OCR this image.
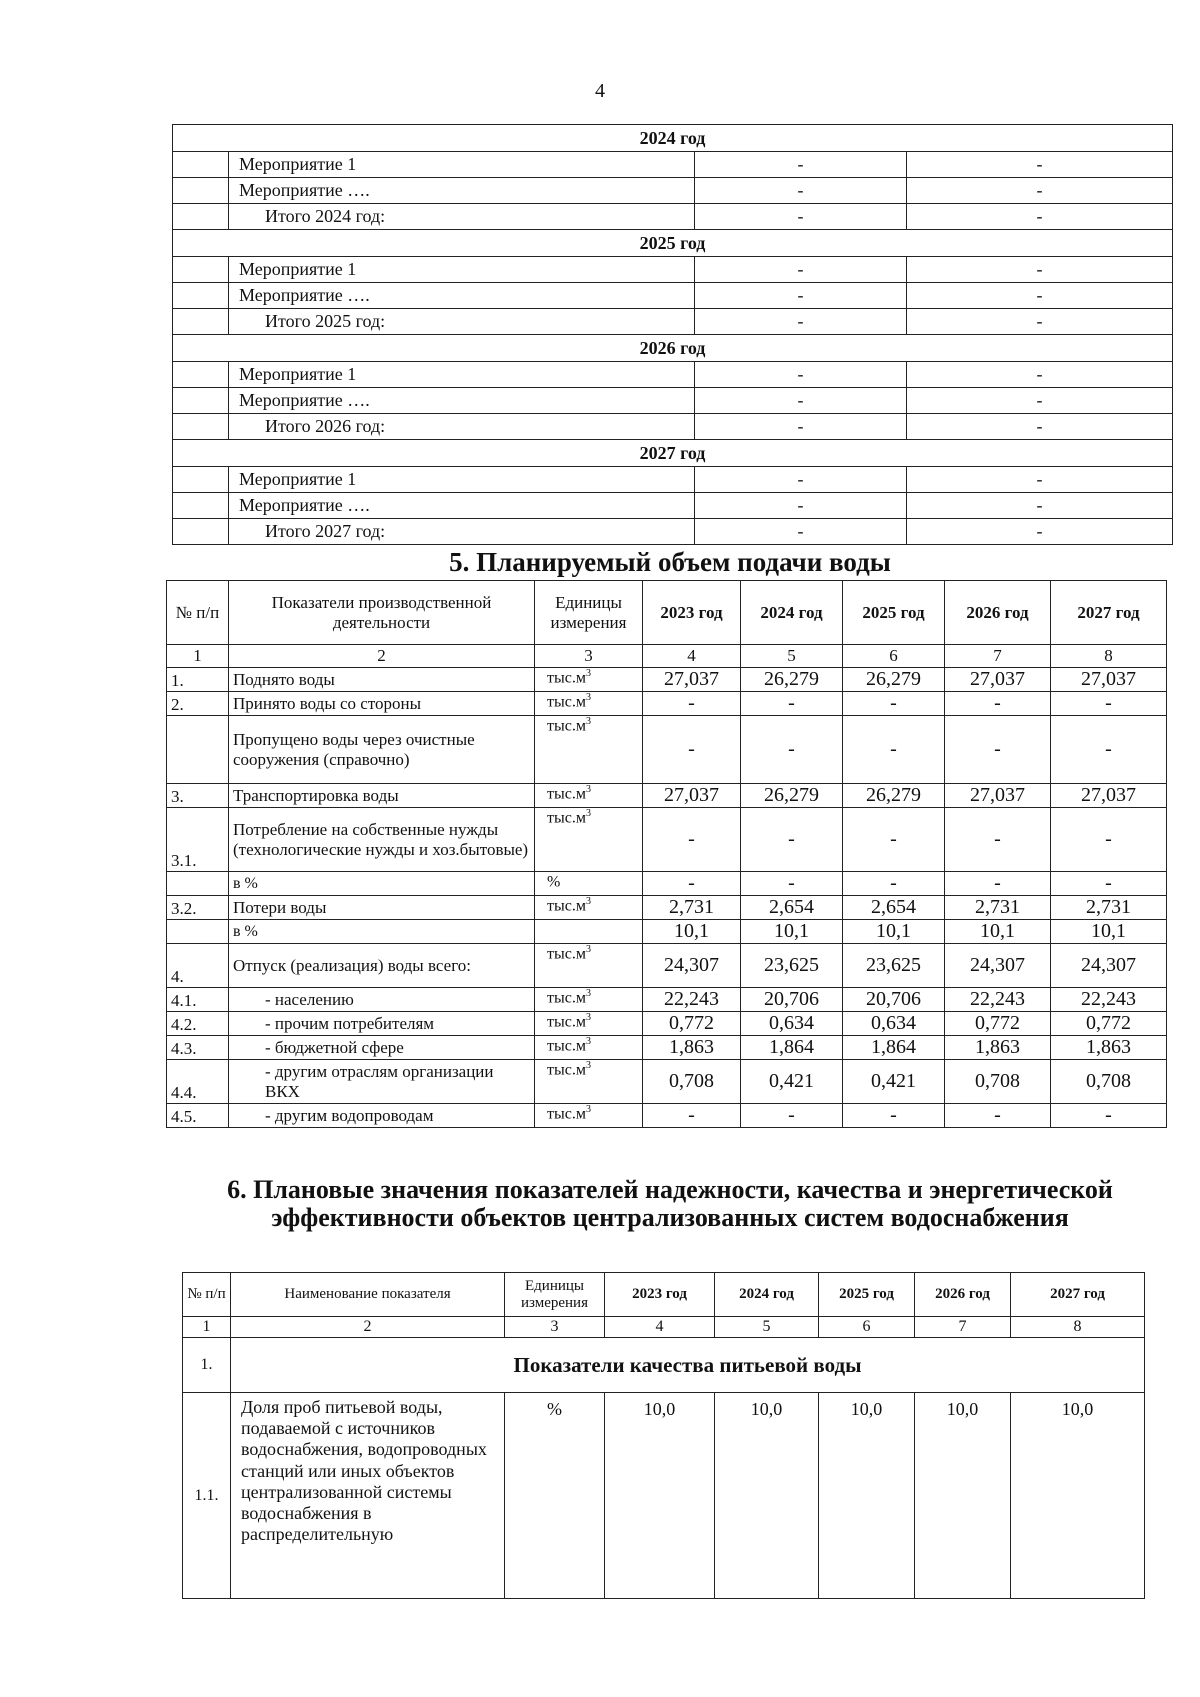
4
2024 год			
	Мероприятие 1	-	-
	Мероприятие ….	-	-
	Итого 2024 год:	-	-
2025 год			
	Мероприятие 1	-	-
	Мероприятие ….	-	-
	Итого 2025 год:	-	-
2026 год			
	Мероприятие 1	-	-
	Мероприятие ….	-	-
	Итого 2026 год:	-	-
2027 год			
	Мероприятие 1	-	-
	Мероприятие ….	-	-
	Итого 2027 год:	-	-
5. Планируемый объем подачи воды
№ п/п	Показатели производственной деятельности	Единицы измерения	2023 год	2024 год	2025 год	2026 год	2027 год
1	2	3	4	5	6	7	8
1.	Поднято воды	$тыс.м^3$	27,037	26,279	26,279	27,037	27,037
2.	Принято воды со стороны	$тыс.м^3$	-	-	-	-	-
	Пропущено воды через очистные сооружения (справочно)	$тыс.м^3$	-	-	-	-	-
3.	Транспортировка воды	$тыс.м^3$	27,037	26,279	26,279	27,037	27,037
3.1.	Потребление на собственные нужды (технологические нужды и хоз.бытовые)	$тыс.м^3$	-	-	-	-	-
	в %	%	-	-	-	-	-
3.2.	Потери воды	$тыс.м^3$	2,731	2,654	2,654	2,731	2,731
	в %		10,1	10,1	10,1	10,1	10,1
4.	Отпуск (реализация) воды всего:	$тыс.м^3$	24,307	23,625	23,625	24,307	24,307
4.1.	- населению	$тыс.м^3$	22,243	20,706	20,706	22,243	22,243
4.2.	- прочим потребителям	$тыс.м^3$	0,772	0,634	0,634	0,772	0,772
4.3.	- бюджетной сфере	$тыс.м^3$	1,863	1,864	1,864	1,863	1,863
4.4.	- другим отраслям организации ВКХ	$тыс.м^3$	0,708	0,421	0,421	0,708	0,708
4.5.	- другим водопроводам	$тыс.м^3$	-	-	-	-	-
6. Плановые значения показателей надежности, качества и энергетической эффективности объектов централизованных систем водоснабжения
№ п/п	Наименование показателя	Единицы измерения	2023 год	2024 год	2025 год	2026 год	2027 год
1	2	3	4	5	6	7	8
1.	Показатели качества питьевой воды						
1.1.	Доля проб питьевой воды, подаваемой с источников водоснабжения, водопроводных станций или иных объектов централизованной системы водоснабжения в распределительную	%	10,0	10,0	10,0	10,0	10,0
